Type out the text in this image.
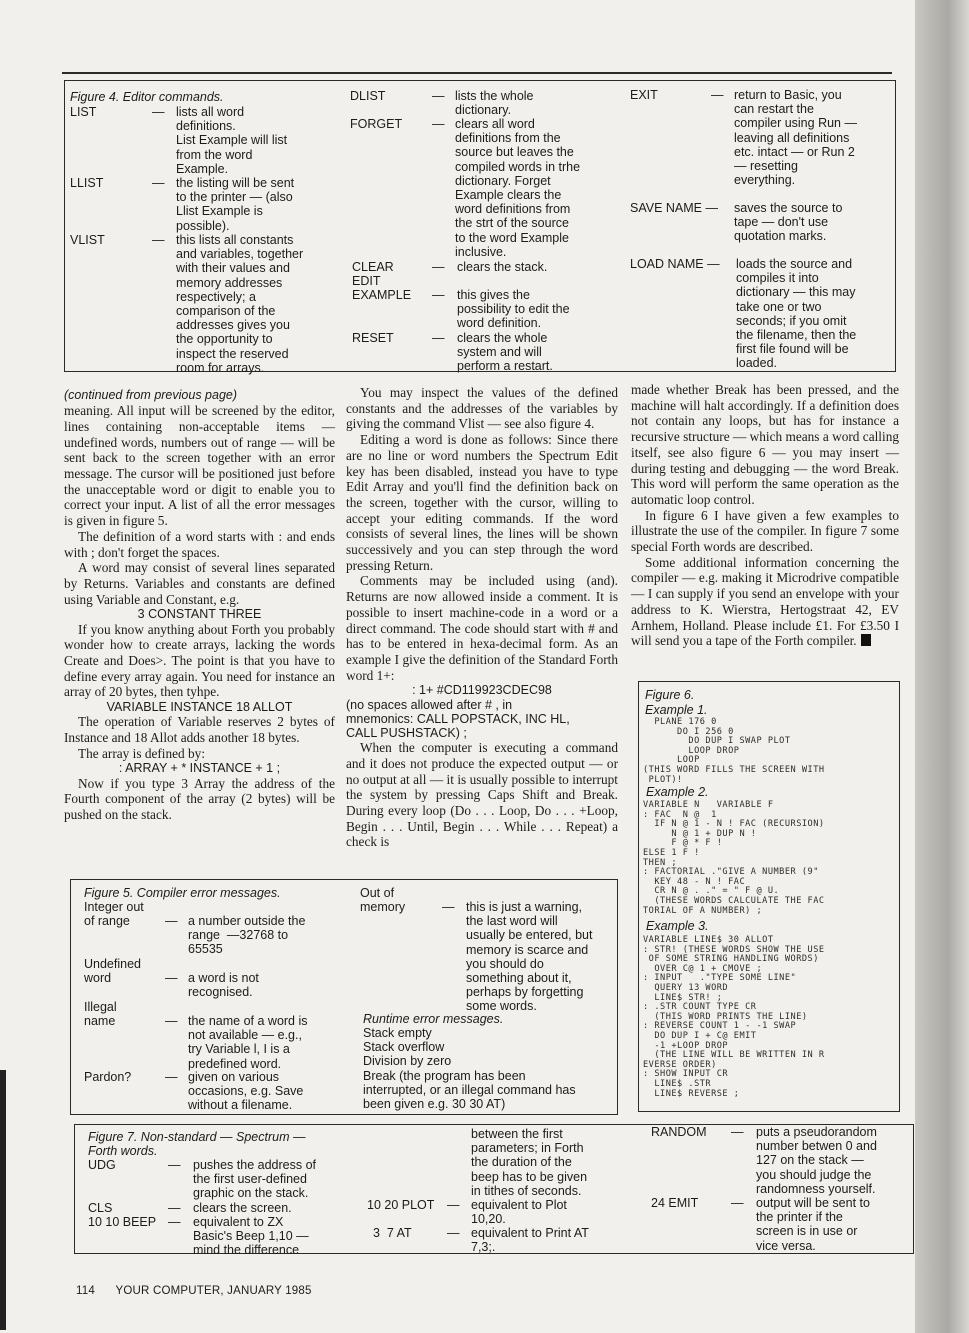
Figure 4. Editor commands.
LIST	— lists all word
definitions.
List Example will list
from the word
Example.
LLIST	— the listing will be sent
to the printer — (also
Llist Example is
possible).
VLIST	— this lists all constants
and variables, together
with their values and
memory addresses
respectively; a
comparison of the
addresses gives you
the opportunity to
inspect the reserved
room for arrays.
DLIST	— lists the whole
dictionary.
FORGET — clears all word
definitions from the
source but leaves the
compiled words in trhe
dictionary. Forget
Example clears the
word definitions from
the strt of the source
to the word Example
inclusive.
CLEAR	— clears the stack.
EDIT
EXAMPLE — this gives the
possibility to edit the
word definition.
RESET	— clears the whole
system and will
perform a restart.
EXIT	— return to Basic, you
can restart the
compiler using Run —
leaving all definitions
etc. intact — or Run 2
— resetting
everything.
SAVE NAME — saves the source to
tape — don't use
quotation marks.
LOAD NAME — loads the source and
compiles it into
dictionary — this may
take one or two
seconds; if you omit
the filename, then the
first file found will be
loaded.
(continued from previous page)

meaning. All input will be screened by the editor, lines containing non-acceptable items — undefined words, numbers out of range — will be sent back to the screen together with an error message. The cursor will be positioned just before the unacceptable word or digit to enable you to correct your input. A list of all the error messages is given in figure 5.

The definition of a word starts with : and ends with ; don't forget the spaces.

A word may consist of several lines separated by Returns. Variables and constants are defined using Variable and Constant, e.g.

3 CONSTANT THREE

If you know anything about Forth you probably wonder how to create arrays, lacking the words Create and Does>. The point is that you have to define every array again. You need for instance an array of 20 bytes, then tyhpe.

VARIABLE INSTANCE 18 ALLOT

The operation of Variable reserves 2 bytes of Instance and 18 Allot adds another 18 bytes.

The array is defined by:

: ARRAY + * INSTANCE + 1 ;

Now if you type 3 Array the address of the Fourth component of the array (2 bytes) will be pushed on the stack.

You may inspect the values of the defined constants and the addresses of the variables by giving the command Vlist — see also figure 4.

Editing a word is done as follows: Since there are no line or word numbers the Spectrum Edit key has been disabled, instead you have to type Edit Array and you'll find the definition back on the screen, together with the cursor, willing to accept your editing commands. If the word consists of several lines, the lines will be shown successively and you can step through the word pressing Return.

Comments may be included using (and). Returns are now allowed inside a comment. It is possible to insert machine-code in a word or a direct command. The code should start with # and has to be entered in hexa-decimal form. As an example I give the definition of the Standard Forth word 1+:

: 1+ #CD119923CDEC98
(no spaces allowed after # , in
mnemonics: CALL POPSTACK, INC HL,
CALL PUSHSTACK) ;

When the computer is executing a command and it does not produce the expected output — or no output at all — it is usually possible to interrupt the system by pressing Caps Shift and Break. During every loop (Do . . . Loop, Do . . . +Loop, Begin . . . Until, Begin . . . While . . . Repeat) a check is

made whether Break has been pressed, and the machine will halt accordingly. If a definition does not contain any loops, but has for instance a recursive structure — which means a word calling itself, see also figure 6 — you may insert — during testing and debugging — the word Break. This word will perform the same operation as the automatic loop control.

In figure 6 I have given a few examples to illustrate the use of the compiler. In figure 7 some special Forth words are described.

Some additional information concerning the compiler — e.g. making it Microdrive compatible — I can supply if you send an envelope with your address to K. Wierstra, Hertogstraat 42, EV Arnhem, Holland. Please include £1. For £3.50 I will send you a tape of the Forth compiler.

Figure 5. Compiler error messages.
Integer out
of range	— a number outside the
range  —32768 to
65535
Undefined
word	— a word is not
recognised.
Illegal
name	— the name of a word is
not available — e.g.,
try Variable l, I is a
predefined word.
Pardon?	— given on various
occasions, e.g. Save
without a filename.
Out of
memory	— this is just a warning,
the last word will
usually be entered, but
memory is scarce and
you should do
something about it,
perhaps by forgetting
some words.
Runtime error messages.
Stack empty
Stack overflow
Division by zero
Break (the program has been
interrupted, or an illegal command has
been given e.g. 30 30 AT)
Figure 6.
Example 1.
PLANE 176 0
DO I 256 0
DO DUP I SWAP PLOT
LOOP DROP
LOOP
(THIS WORD FILLS THE SCREEN WITH
PLOT)!
Example 2.
VARIABLE N   VARIABLE F
: FAC  N @  1
IF N @ 1 - N ! FAC (RECURSION)
N @ 1 + DUP N !
F @ * F !
ELSE 1 F !
THEN ;
: FACTORIAL ."GIVE A NUMBER (9"
KEY 48 - N ! FAC
CR N @ . ." = " F @ U.
(THESE WORDS CALCULATE THE FAC
TORIAL OF A NUMBER) ;
Example 3.
VARIABLE LINE$ 30 ALLOT
: STR! (THESE WORDS SHOW THE USE
OF SOME STRING HANDLING WORDS)
OVER C@ 1 + CMOVE ;
: INPUT   ."TYPE SOME LINE"
QUERY 13 WORD
LINE$ STR! ;
: .STR COUNT TYPE CR
(THIS WORD PRINTS THE LINE)
: REVERSE COUNT 1 - -1 SWAP
DO DUP I + C@ EMIT
-1 +LOOP DROP
(THE LINE WILL BE WRITTEN IN R
EVERSE ORDER)
: SHOW INPUT CR
LINE$ .STR
LINE$ REVERSE ;
Figure 7. Non-standard — Spectrum —
Forth words.
UDG	— pushes the address of
the first user-defined
graphic on the stack.
CLS	— clears the screen.
10 10 BEEP — equivalent to ZX
Basic's Beep 1,10 —
mind the difference
between the first
parameters; in Forth
the duration of the
beep has to be given
in tithes of seconds.
10 20 PLOT — equivalent to Plot
10,20.
3  7 AT	— equivalent to Print AT
7,3;.
RANDOM — puts a pseudorandom
number betwen 0 and
127 on the stack —
you should judge the
randomness yourself.
24 EMIT	— output will be sent to
the printer if the
screen is in use or
vice versa.
114 YOUR COMPUTER, JANUARY 1985
